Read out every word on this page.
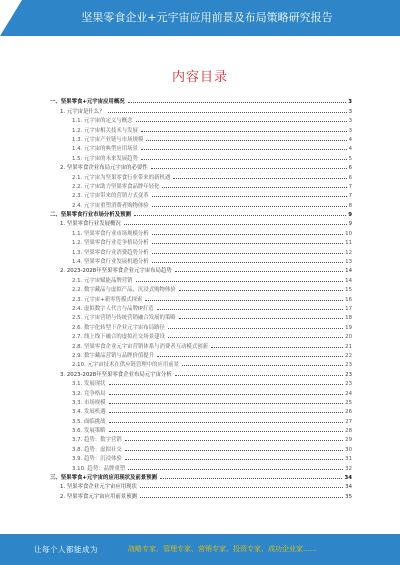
坚果零食企业+元宇宙应用前景及布局策略研究报告
内容目录
一、坚果零食+元宇宙应用概况	3
1. 元宇宙是什么？	3
1.1. 元宇宙的定义与概念	3
1.2. 元宇宙相关技术与发展	3
1.3. 元宇宙产业链与市场规模	4
1.4. 元宇宙的典型应用场景	4
1.5. 元宇宙的未来发展趋势	5
2. 坚果零食企业布局元宇宙的必要性	6
2.1. 元宇宙为坚果零食行业带来的新机遇	6
2.2. 元宇宙助力坚果零食品牌年轻化	7
2.3. 元宇宙带来的营销方式变革	7
2.4. 元宇宙重塑消费者购物体验	8
二、坚果零食行业市场分析及预测	9
1. 坚果零食行业发展概况	9
1.1. 坚果零食行业市场规模分析	10
1.2. 坚果零食行业竞争格局分析	11
1.3. 坚果零食行业消费趋势分析	12
1.4. 坚果零食行业发展机遇分析	13
2. 2023-2028年坚果零食企业元宇宙布局趋势	14
2.1. 元宇宙赋能品牌营销	14
2.2. 数字藏品与虚拟产品、沉浸式购物体验	15
2.3. 元宇宙+新零售模式探索	16
2.4. 虚拟数字人代言与品牌IP打造	17
2.5. 元宇宙营销与传统营销融合发展的策略	18
2.6. 数字化转型下企业元宇宙布局路径	19
2.7. 线上线下融合的虚拟社交场景建设	20
2.8. 坚果零食企业元宇宙营销体系与消费者互动模式创新	21
2.9. 数字藏品营销与品牌价值提升	22
2.10. 元宇宙技术在供应链管理中的应用前景	23
3. 2023-2028年坚果零食企业布局元宇宙分析	23
3.1. 发展现状	23
3.2. 竞争格局	24
3.3. 市场规模	25
3.4. 发展机遇	26
3.5. 面临挑战	27
3.6. 发展策略	28
3.7. 趋势：数字营销	29
3.8. 趋势：虚拟社交	30
3.9. 趋势：沉浸体验	31
3.10. 趋势：品牌重塑	32
三、坚果零食+元宇宙的应用现状及前景预测	34
1. 坚果零食企业元宇宙应用现状	34
2. 坚果零食元宇宙应用前景预测	35
让每个人都能成为	战略专家、管理专家、营销专家、投资专家、成功企业家……
